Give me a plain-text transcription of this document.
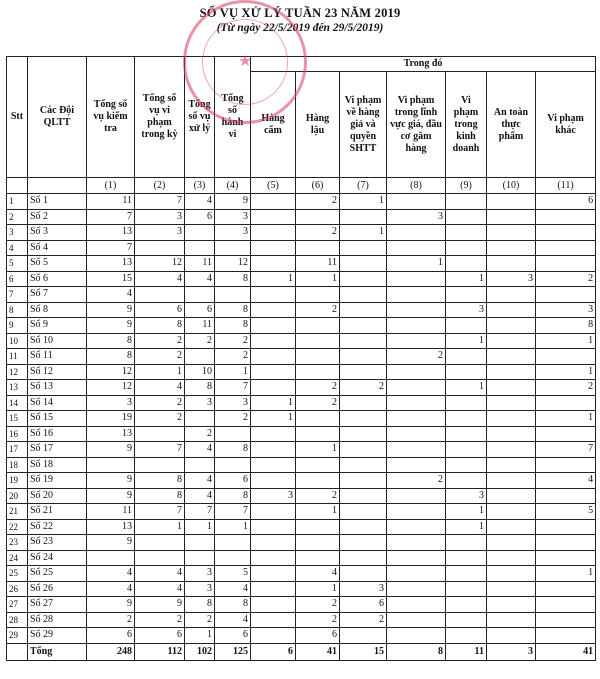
SỐ VỤ XỬ LÝ TUẦN 23 NĂM 2019
(Từ ngày 22/5/2019 đến 29/5/2019)
Stt	Các Đội QLTT	Tổng số vụ kiểm tra	Tổng số vụ vi phạm trong kỳ	Tổng số vụ xử lý	Tổng số hành vi	Trong đó						
						Hàng cấm	Hàng lậu	Vi phạm về hàng giả và quyền SHTT	Vi phạm trong lĩnh vực giá, đầu cơ găm hàng	Vi phạm trong kinh doanh	An toàn thực phẩm	Vi phạm khác
		(1)	(2)	(3)	(4)	(5)	(6)	(7)	(8)	(9)	(10)	(11)
1	Số 1	11	7	4	9		2	1				6
2	Số 2	7	3	6	3				3			
3	Số 3	13	3		3		2	1				
4	Số 4	7										
5	Số 5	13	12	11	12		11		1			
6	Số 6	15	4	4	8	1	1			1	3	2
7	Số 7	4										
8	Số 8	9	6	6	8		2			3		3
9	Số 9	9	8	11	8							8
10	Số 10	8	2	2	2					1		1
11	Số 11	8	2		2				2			
12	Số 12	12	1	10	1							1
13	Số 13	12	4	8	7		2	2		1		2
14	Số 14	3	2	3	3	1	2					
15	Số 15	19	2		2	1						1
16	Số 16	13		2								
17	Số 17	9	7	4	8		1					7
18	Số 18											
19	Số 19	9	8	4	6				2			4
20	Số 20	9	8	4	8	3	2			3		
21	Số 21	11	7	7	7		1			1		5
22	Số 22	13	1	1	1					1		
23	Số 23	9										
24	Số 24											
25	Số 25	4	4	3	5		4					1
26	Số 26	4	4	3	4		1	3				
27	Số 27	9	9	8	8		2	6				
28	Số 28	2	2	2	4		2	2				
29	Số 29	6	6	1	6		6					
	Tổng	248	112	102	125	6	41	15	8	11	3	41
★
